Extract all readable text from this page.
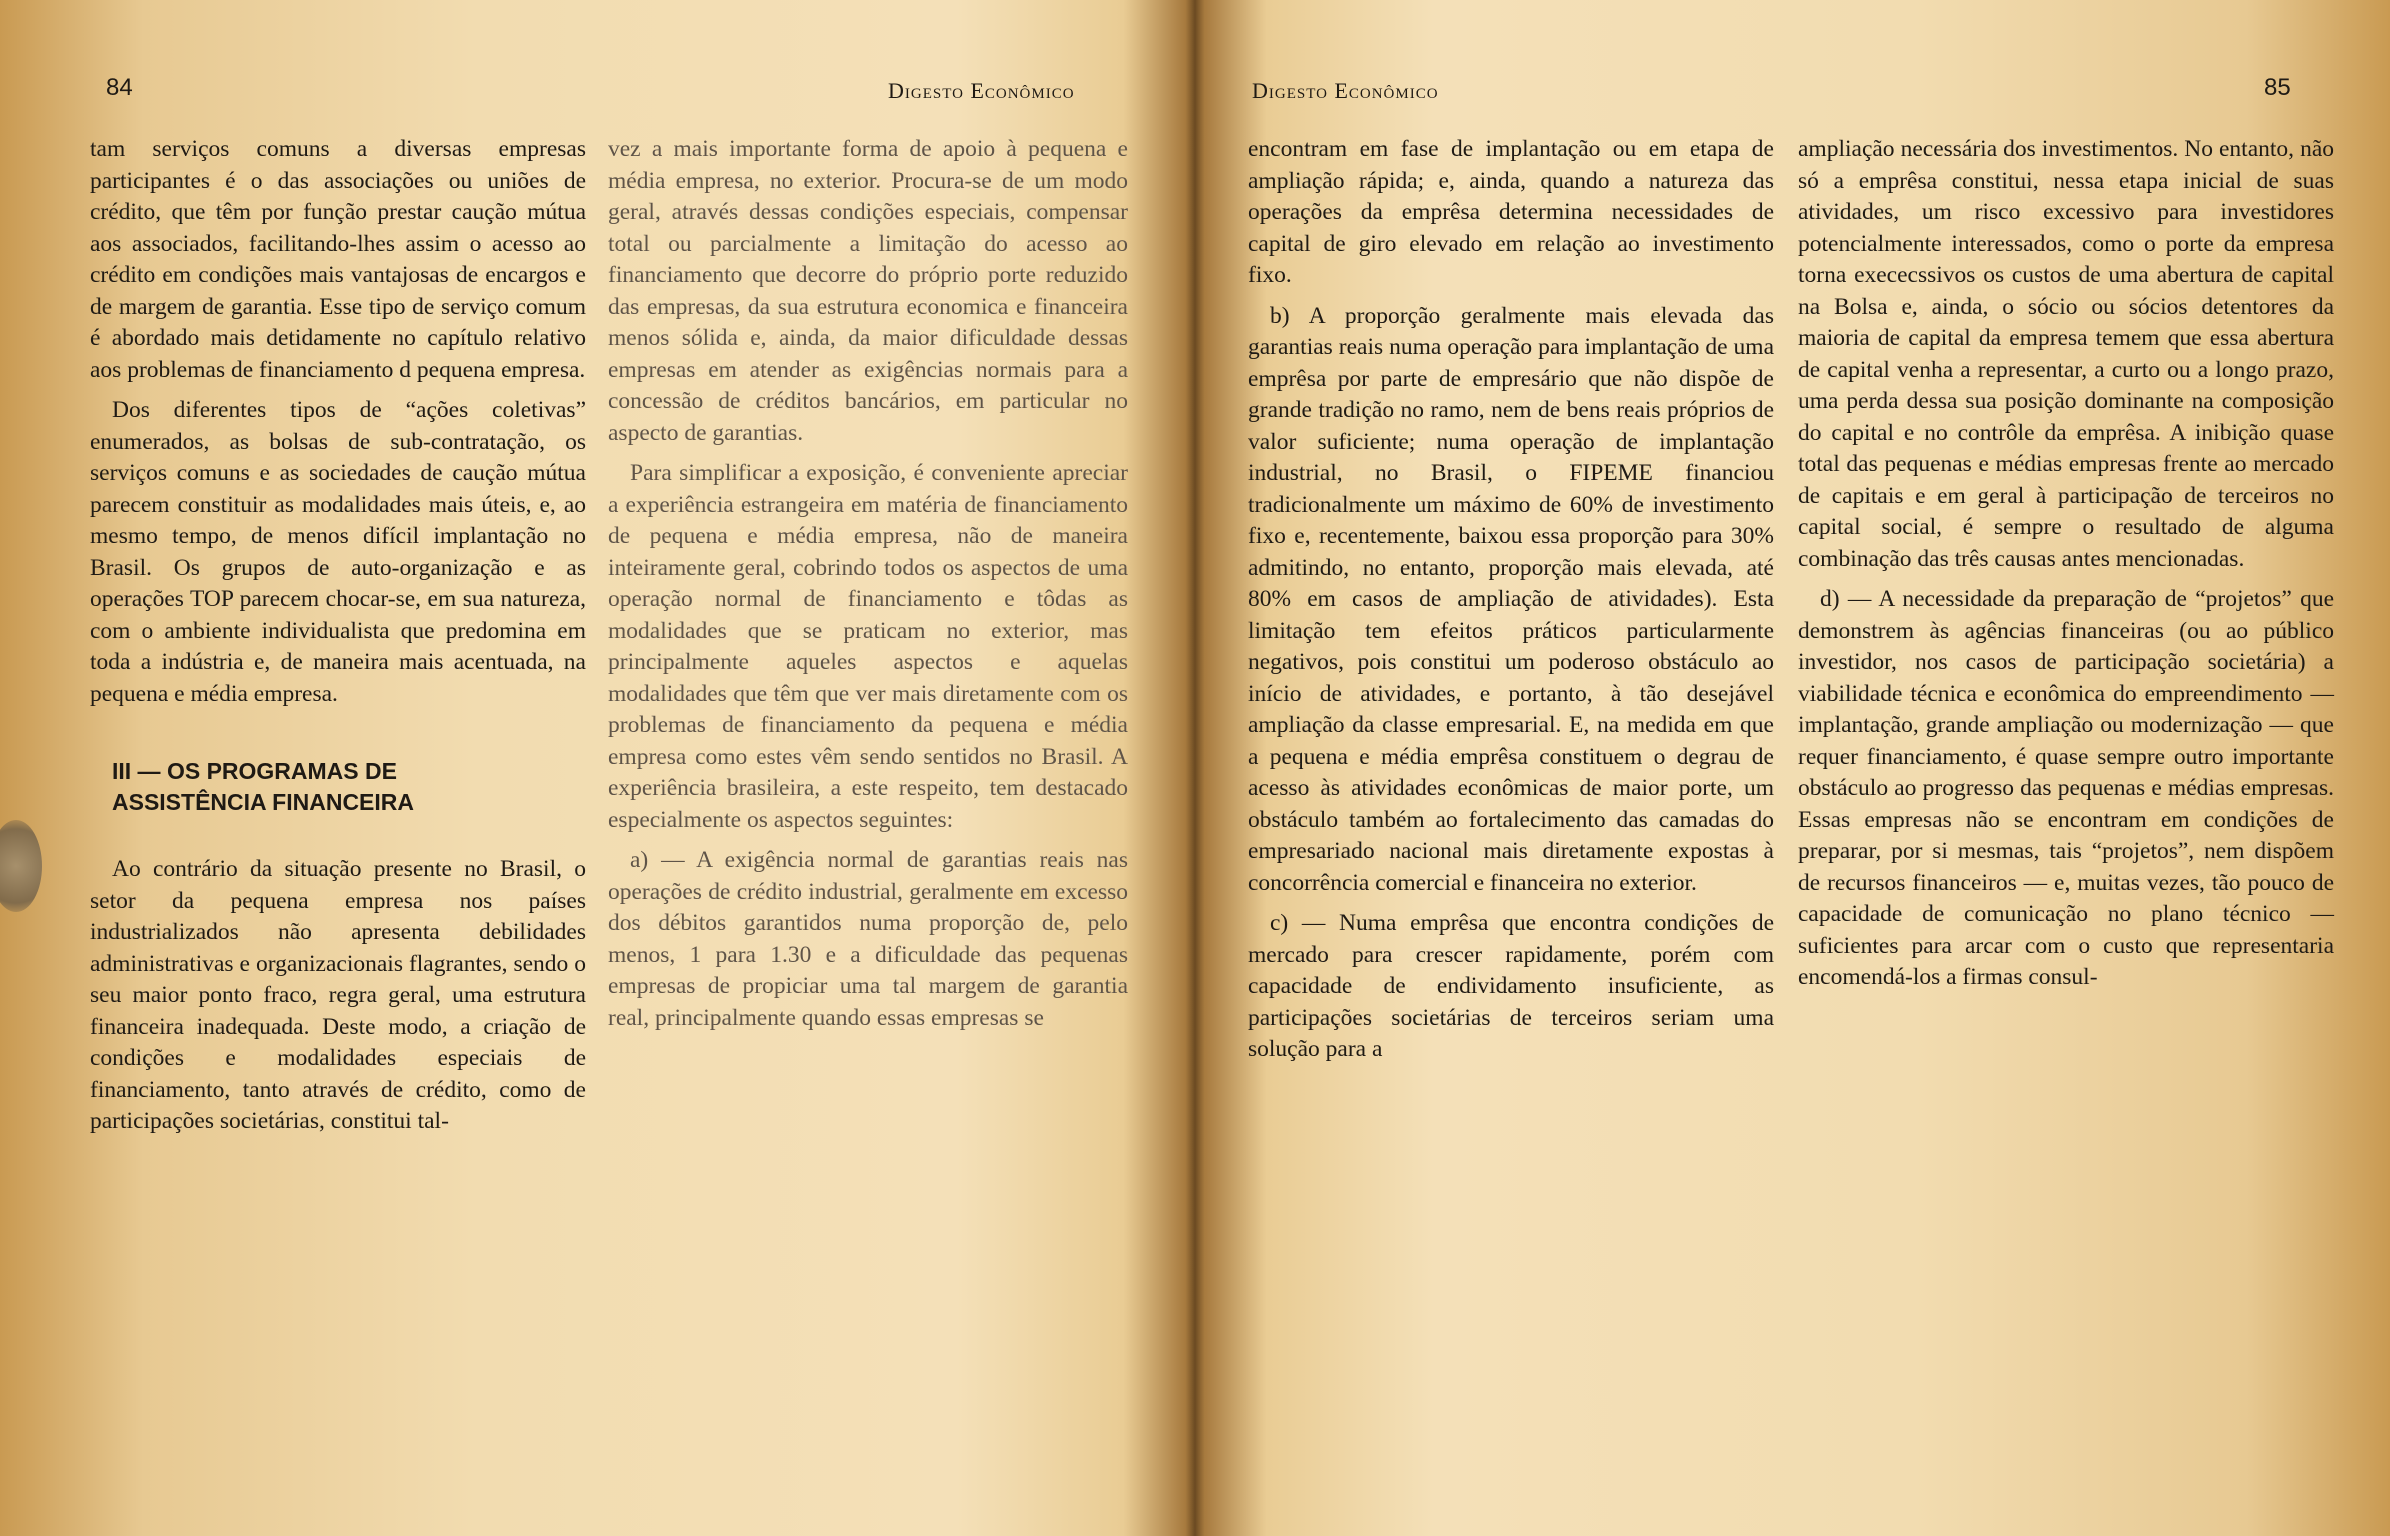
84	Digesto Econômico

tam serviços comuns a diversas empresas participantes é o das associações ou uniões de crédito, que têm por função prestar caução mútua aos associados, facilitando-lhes assim o acesso ao crédito em condições mais vantajosas de encargos e de margem de garantia. Esse tipo de serviço comum é abordado mais detidamente no capítulo relativo aos problemas de financiamento d pequena empresa.

Dos diferentes tipos de “ações coletivas” enumerados, as bolsas de sub-contratação, os serviços comuns e as sociedades de caução mútua parecem constituir as modalidades mais úteis, e, ao mesmo tempo, de menos difícil implantação no Brasil. Os grupos de auto-organização e as operações TOP parecem chocar-se, em sua natureza, com o ambiente individualista que predomina em toda a indústria e, de maneira mais acentuada, na pequena e média empresa.

III — OS PROGRAMAS DE
ASSISTÊNCIA FINANCEIRA

Ao contrário da situação presente no Brasil, o setor da pequena empresa nos países industrializados não apresenta debilidades administrativas e organizacionais flagrantes, sendo o seu maior ponto fraco, regra geral, uma estrutura financeira inadequada. Deste modo, a criação de condições e modalidades especiais de financiamento, tanto através de crédito, como de participações societárias, constitui tal-

vez a mais importante forma de apoio à pequena e média empresa, no exterior. Procura-se de um modo geral, através dessas condições especiais, compensar total ou parcialmente a limitação do acesso ao financiamento que decorre do próprio porte reduzido das empresas, da sua estrutura economica e financeira menos sólida e, ainda, da maior dificuldade dessas empresas em atender as exigências normais para a concessão de créditos bancários, em particular no aspecto de garantias.

Para simplificar a exposição, é conveniente apreciar a experiência estrangeira em matéria de financiamento de pequena e média empresa, não de maneira inteiramente geral, cobrindo todos os aspectos de uma operação normal de financiamento e tôdas as modalidades que se praticam no exterior, mas principalmente aqueles aspectos e aquelas modalidades que têm que ver mais diretamente com os problemas de financiamento da pequena e média empresa como estes vêm sendo sentidos no Brasil. A experiência brasileira, a este respeito, tem destacado especialmente os aspectos seguintes:

a) — A exigência normal de garantias reais nas operações de crédito industrial, geralmente em excesso dos débitos garantidos numa proporção de, pelo menos, 1 para 1.30 e a dificuldade das pequenas empresas de propiciar uma tal margem de garantia real, principalmente quando essas empresas se

Digesto Econômico	85

encontram em fase de implantação ou em etapa de ampliação rápida; e, ainda, quando a natureza das operações da emprêsa determina necessidades de capital de giro elevado em relação ao investimento fixo.

b) A proporção geralmente mais elevada das garantias reais numa operação para implantação de uma emprêsa por parte de empresário que não dispõe de grande tradição no ramo, nem de bens reais próprios de valor suficiente; numa operação de implantação industrial, no Brasil, o FIPEME financiou tradicionalmente um máximo de 60% de investimento fixo e, recentemente, baixou essa proporção para 30% admitindo, no entanto, proporção mais elevada, até 80% em casos de ampliação de atividades). Esta limitação tem efeitos práticos particularmente negativos, pois constitui um poderoso obstáculo ao início de atividades, e portanto, à tão desejável ampliação da classe empresarial. E, na medida em que a pequena e média emprêsa constituem o degrau de acesso às atividades econômicas de maior porte, um obstáculo também ao fortalecimento das camadas do empresariado nacional mais diretamente expostas à concorrência comercial e financeira no exterior.

c) — Numa emprêsa que encontra condições de mercado para crescer rapidamente, porém com capacidade de endividamento insuficiente, as participações societárias de terceiros seriam uma solução para a

ampliação necessária dos investimentos. No entanto, não só a emprêsa constitui, nessa etapa inicial de suas atividades, um risco excessivo para investidores potencialmente interessados, como o porte da empresa torna exececssivos os custos de uma abertura de capital na Bolsa e, ainda, o sócio ou sócios detentores da maioria de capital da empresa temem que essa abertura de capital venha a representar, a curto ou a longo prazo, uma perda dessa sua posição dominante na composição do capital e no contrôle da emprêsa. A inibição quase total das pequenas e médias empresas frente ao mercado de capitais e em geral à participação de terceiros no capital social, é sempre o resultado de alguma combinação das três causas antes mencionadas.

d) — A necessidade da preparação de “projetos” que demonstrem às agências financeiras (ou ao público investidor, nos casos de participação societária) a viabilidade técnica e econômica do empreendimento — implantação, grande ampliação ou modernização — que requer financiamento, é quase sempre outro importante obstáculo ao progresso das pequenas e médias empresas. Essas empresas não se encontram em condições de preparar, por si mesmas, tais “projetos”, nem dispõem de recursos financeiros — e, muitas vezes, tão pouco de capacidade de comunicação no plano técnico — suficientes para arcar com o custo que representaria encomendá-los a firmas consul-
